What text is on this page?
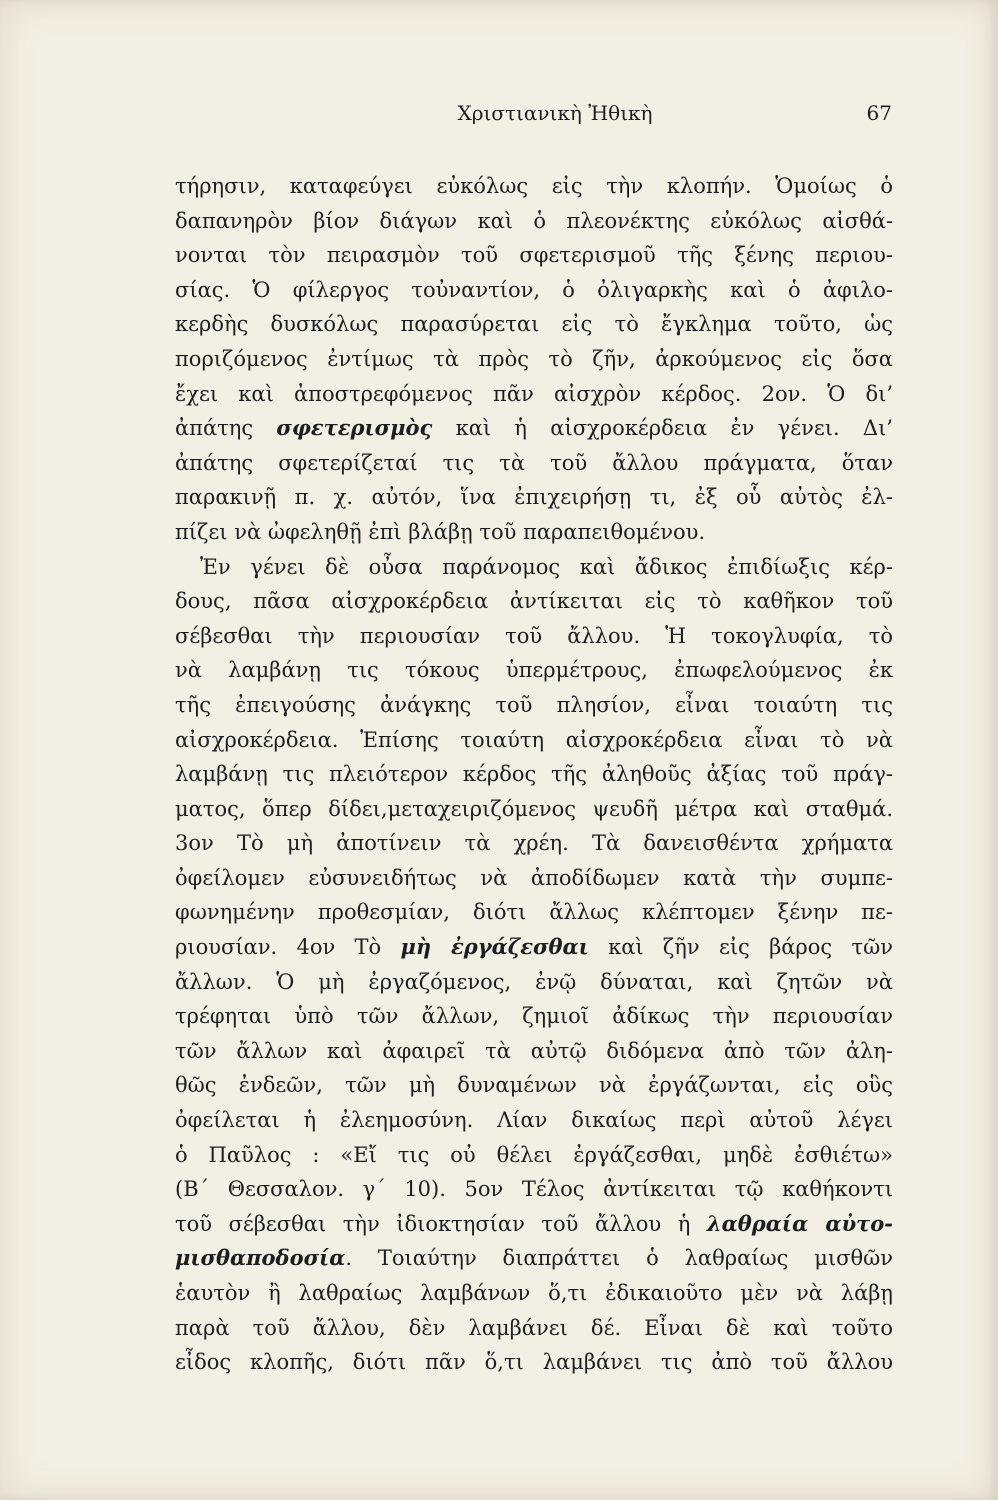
Χριστιανικὴ Ἠθικὴ	67
τήρησιν, καταφεύγει εὐκόλως εἰς τὴν κλοπήν. Ὁμοίως ὁ
δαπανηρὸν βίον διάγων καὶ ὁ πλεονέκτης εὐκόλως αἰσθά-
νονται τὸν πειρασμὸν τοῦ σφετερισμοῦ τῆς ξένης περιου-
σίας. Ὁ φίλεργος τοὐναντίον, ὁ ὀλιγαρκὴς καὶ ὁ ἀφιλο-
κερδὴς δυσκόλως παρασύρεται εἰς τὸ ἔγκλημα τοῦτο, ὡς
ποριζόμενος ἐντίμως τὰ πρὸς τὸ ζῆν, ἀρκούμενος εἰς ὅσα
ἔχει καὶ ἀποστρεφόμενος πᾶν αἰσχρὸν κέρδος. 2ον. Ὁ δι’
ἀπάτης σφετερισμὸς καὶ ἡ αἰσχροκέρδεια ἐν γένει. Δι’
ἀπάτης σφετερίζεταί τις τὰ τοῦ ἄλλου πράγματα, ὅταν
παρακινῇ π. χ. αὐτόν, ἵνα ἐπιχειρήσῃ τι, ἐξ οὗ αὐτὸς ἐλ-
πίζει νὰ ὠφεληθῇ ἐπὶ βλάβῃ τοῦ παραπειθομένου.
Ἐν γένει δὲ οὖσα παράνομος καὶ ἄδικος ἐπιδίωξις κέρ-
δους, πᾶσα αἰσχροκέρδεια ἀντίκειται εἰς τὸ καθῆκον τοῦ
σέβεσθαι τὴν περιουσίαν τοῦ ἄλλου. Ἡ τοκογλυφία, τὸ
νὰ λαμβάνῃ τις τόκους ὑπερμέτρους, ἐπωφελούμενος ἐκ
τῆς ἐπειγούσης ἀνάγκης τοῦ πλησίον, εἶναι τοιαύτη τις
αἰσχροκέρδεια. Ἐπίσης τοιαύτη αἰσχροκέρδεια εἶναι τὸ νὰ
λαμβάνῃ τις πλειότερον κέρδος τῆς ἀληθοῦς ἀξίας τοῦ πράγ-
ματος, ὅπερ δίδει,μεταχειριζόμενος ψευδῆ μέτρα καὶ σταθμά.
3ον Τὸ μὴ ἀποτίνειν τὰ χρέη. Τὰ δανεισθέντα χρήματα
ὀφείλομεν εὐσυνειδήτως νὰ ἀποδίδωμεν κατὰ τὴν συμπε-
φωνημένην προθεσμίαν, διότι ἄλλως κλέπτομεν ξένην πε-
ριουσίαν. 4ον Τὸ μὴ ἐργάζεσθαι καὶ ζῆν εἰς βάρος τῶν
ἄλλων. Ὁ μὴ ἐργαζόμενος, ἐνῷ δύναται, καὶ ζητῶν νὰ
τρέφηται ὑπὸ τῶν ἄλλων, ζημιοῖ ἀδίκως τὴν περιουσίαν
τῶν ἄλλων καὶ ἀφαιρεῖ τὰ αὐτῷ διδόμενα ἀπὸ τῶν ἀλη-
θῶς ἐνδεῶν, τῶν μὴ δυναμένων νὰ ἐργάζωνται, εἰς οὓς
ὀφείλεται ἡ ἐλεημοσύνη. Λίαν δικαίως περὶ αὐτοῦ λέγει
ὁ Παῦλος : «Εἴ τις οὐ θέλει ἐργάζεσθαι, μηδὲ ἐσθιέτω»
(Β΄ Θεσσαλον. γ΄ 10). 5ον Τέλος ἀντίκειται τῷ καθήκοντι
τοῦ σέβεσθαι τὴν ἰδιοκτησίαν τοῦ ἄλλου ἡ λαθραία αὐτο-
μισθαποδοσία. Τοιαύτην διαπράττει ὁ λαθραίως μισθῶν
ἑαυτὸν ἢ λαθραίως λαμβάνων ὅ,τι ἐδικαιοῦτο μὲν νὰ λάβῃ
παρὰ τοῦ ἄλλου, δὲν λαμβάνει δέ. Εἶναι δὲ καὶ τοῦτο
εἶδος κλοπῆς, διότι πᾶν ὅ,τι λαμβάνει τις ἀπὸ τοῦ ἄλλου
